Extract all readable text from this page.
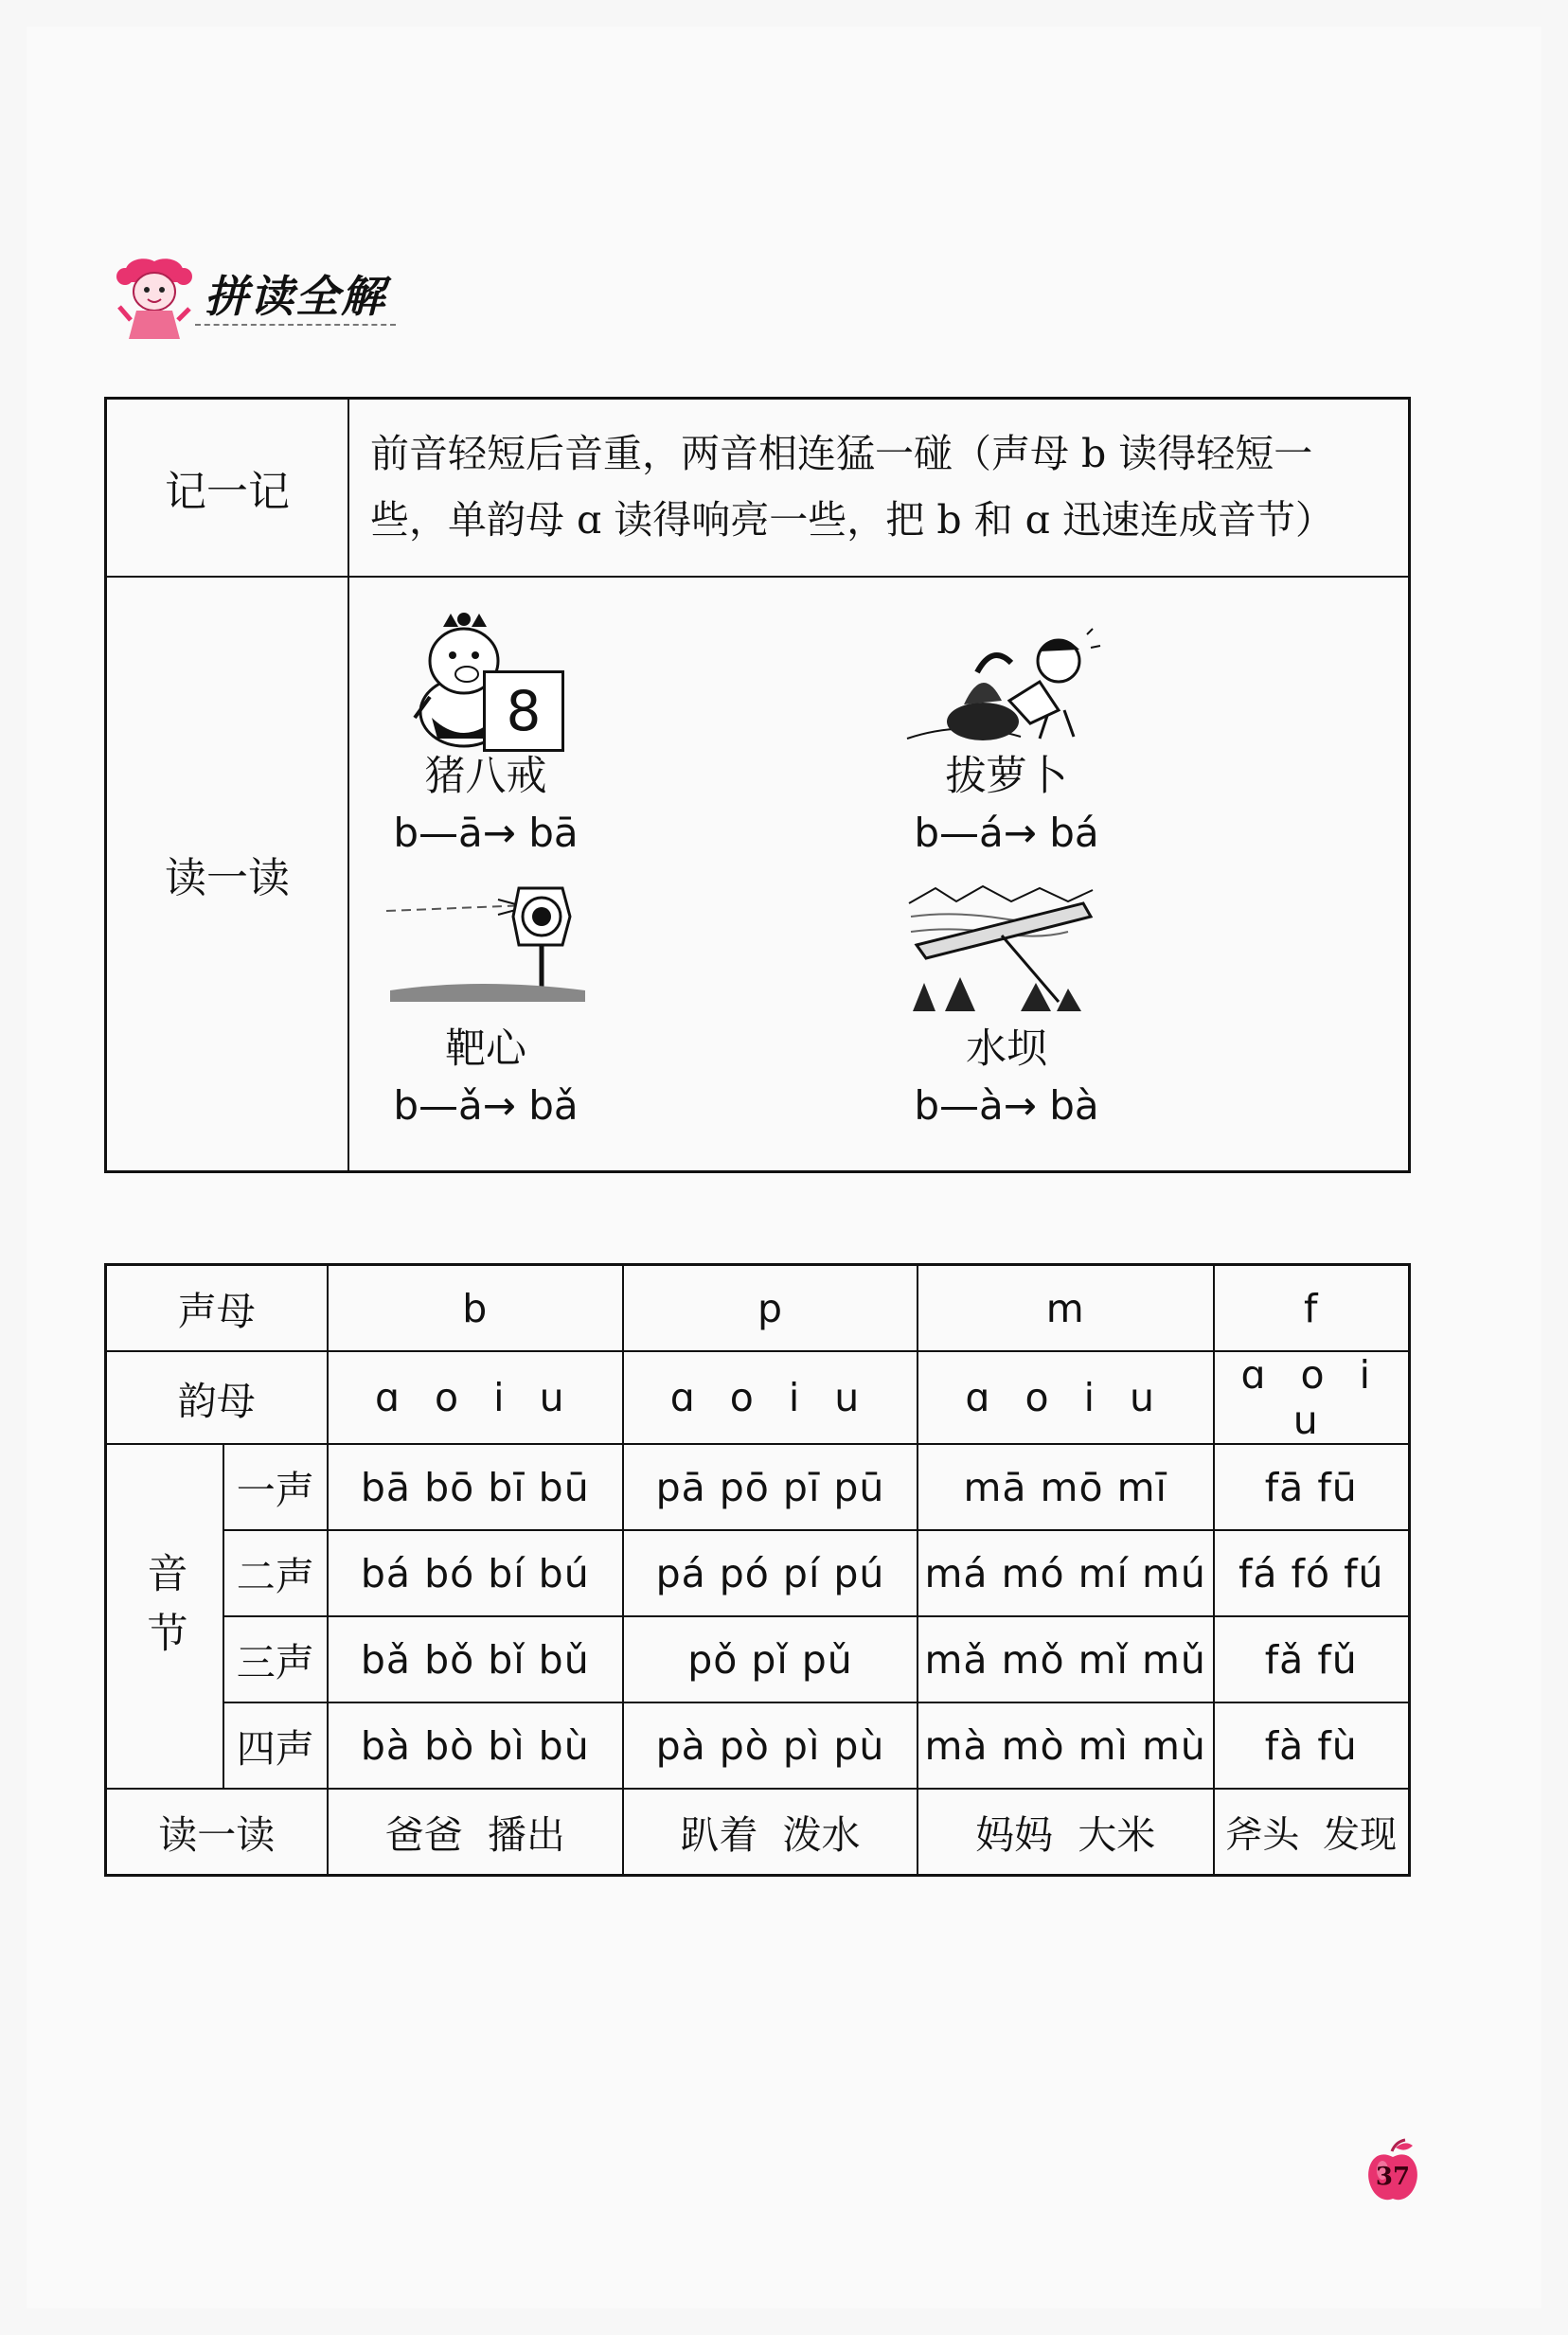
拼读全解
记一记
前音轻短后音重，两音相连猛一碰（声母 b 读得轻短一
些，单韵母 ɑ 读得响亮一些，把 b 和 ɑ 迅速连成音节）
读一读
8
猪八戒
b—ā→ bā
拔萝卜
b—á→ bá
靶心
b—ǎ→ bǎ
水坝
b—à→ bà
声母		b	p	m	f
韵母		ɑ o i u	ɑ o i u	ɑ o i u	ɑ o i u
音节	一声	bā bō bī bū	pā pō pī pū	mā mō mī	fā fū
	二声	bá bó bí bú	pá pó pí pú	má mó mí mú	fá fó fú
	三声	bǎ bǒ bǐ bǔ	pǒ pǐ pǔ	mǎ mǒ mǐ mǔ	fǎ fǔ
	四声	bà bò bì bù	pà pò pì pù	mà mò mì mù	fà fù
读一读		爸爸  播出	趴着  泼水	妈妈  大米	斧头  发现
37
